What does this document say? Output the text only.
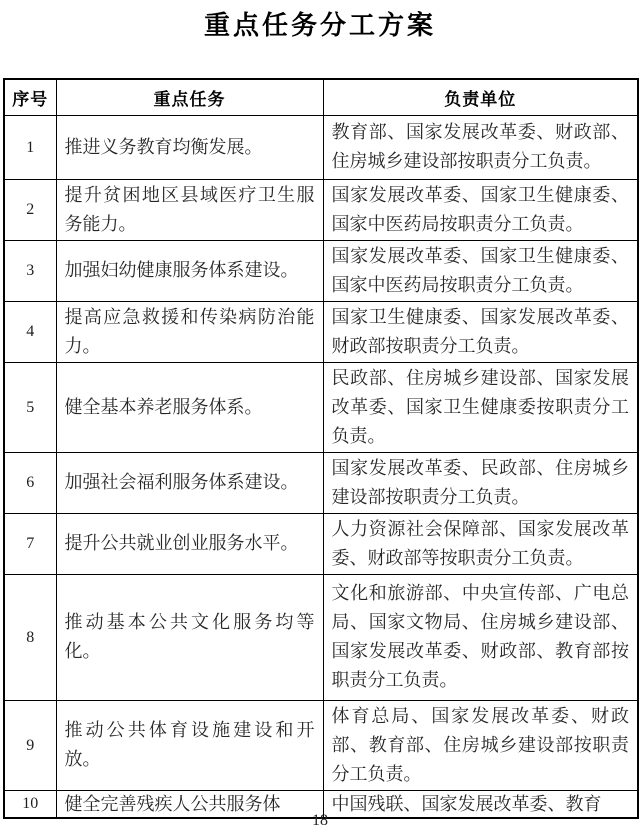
重点任务分工方案
序号	重点任务	负责单位
1	推进义务教育均衡发展。	教育部、国家发展改革委、财政部、住房城乡建设部按职责分工负责。
2	提升贫困地区县域医疗卫生服务能力。	国家发展改革委、国家卫生健康委、国家中医药局按职责分工负责。
3	加强妇幼健康服务体系建设。	国家发展改革委、国家卫生健康委、国家中医药局按职责分工负责。
4	提高应急救援和传染病防治能力。	国家卫生健康委、国家发展改革委、财政部按职责分工负责。
5	健全基本养老服务体系。	民政部、住房城乡建设部、国家发展改革委、国家卫生健康委按职责分工负责。
6	加强社会福利服务体系建设。	国家发展改革委、民政部、住房城乡建设部按职责分工负责。
7	提升公共就业创业服务水平。	人力资源社会保障部、国家发展改革委、财政部等按职责分工负责。
8	推动基本公共文化服务均等化。	文化和旅游部、中央宣传部、广电总局、国家文物局、住房城乡建设部、国家发展改革委、财政部、教育部按职责分工负责。
9	推动公共体育设施建设和开放。	体育总局、国家发展改革委、财政部、教育部、住房城乡建设部按职责分工负责。
10	健全完善残疾人公共服务体	中国残联、国家发展改革委、教育
18
